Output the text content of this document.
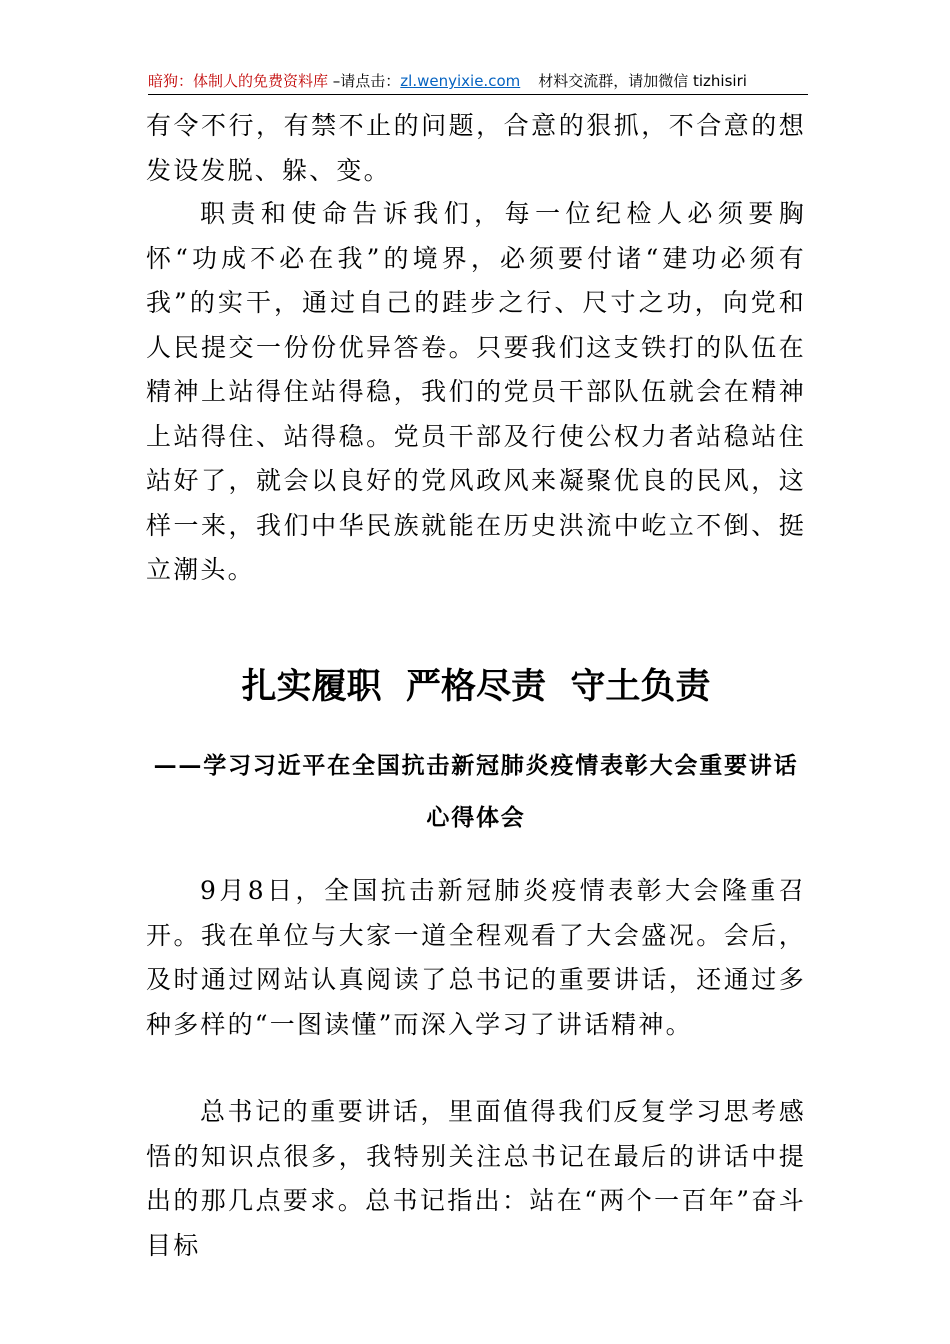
暗狗：体制人的免费资料库 –请点击：zl.wenyixie.com 材料交流群，请加微信 tizhisiri

有令不行，有禁不止的问题，合意的狠抓，不合意的想发设发脱、躲、变。

职责和使命告诉我们，每一位纪检人必须要胸怀“功成不必在我”的境界，必须要付诸“建功必须有我”的实干，通过自己的跬步之行、尺寸之功，向党和人民提交一份份优异答卷。只要我们这支铁打的队伍在精神上站得住站得稳，我们的党员干部队伍就会在精神上站得住、站得稳。党员干部及行使公权力者站稳站住站好了，就会以良好的党风政风来凝聚优良的民风，这样一来，我们中华民族就能在历史洪流中屹立不倒、挺立潮头。

扎实履职  严格尽责  守土负责
——学习习近平在全国抗击新冠肺炎疫情表彰大会重要讲话心得体会

9月8日，全国抗击新冠肺炎疫情表彰大会隆重召开。我在单位与大家一道全程观看了大会盛况。会后，及时通过网站认真阅读了总书记的重要讲话，还通过多种多样的“一图读懂”而深入学习了讲话精神。

总书记的重要讲话，里面值得我们反复学习思考感悟的知识点很多，我特别关注总书记在最后的讲话中提出的那几点要求。总书记指出：站在“两个一百年”奋斗目标
